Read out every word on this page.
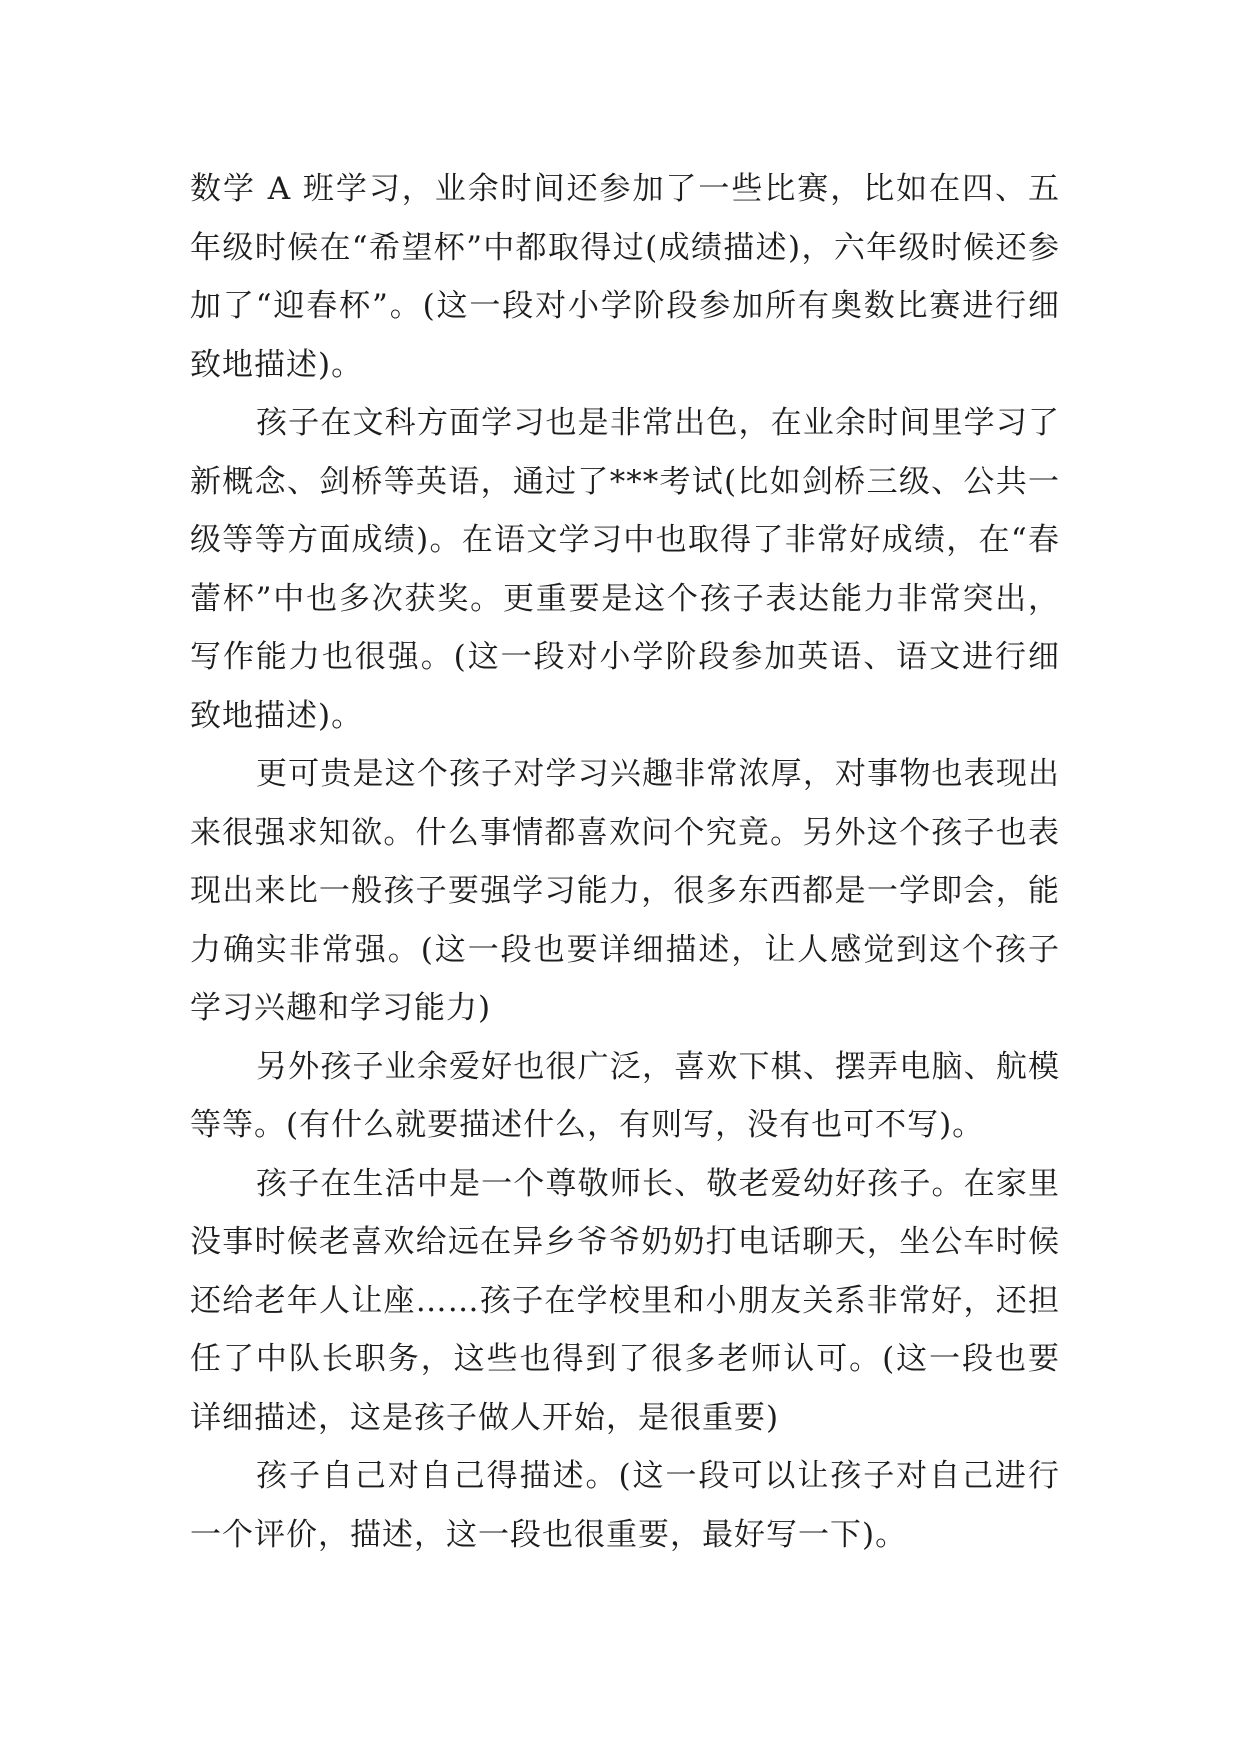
数学 A 班学习，业余时间还参加了一些比赛，比如在四、五年级时候在“希望杯”中都取得过(成绩描述)，六年级时候还参加了“迎春杯”。(这一段对小学阶段参加所有奥数比赛进行细致地描述)。

孩子在文科方面学习也是非常出色，在业余时间里学习了新概念、剑桥等英语，通过了***考试(比如剑桥三级、公共一级等等方面成绩)。在语文学习中也取得了非常好成绩，在“春蕾杯”中也多次获奖。更重要是这个孩子表达能力非常突出，写作能力也很强。(这一段对小学阶段参加英语、语文进行细致地描述)。

更可贵是这个孩子对学习兴趣非常浓厚，对事物也表现出来很强求知欲。什么事情都喜欢问个究竟。另外这个孩子也表现出来比一般孩子要强学习能力，很多东西都是一学即会，能力确实非常强。(这一段也要详细描述，让人感觉到这个孩子学习兴趣和学习能力)

另外孩子业余爱好也很广泛，喜欢下棋、摆弄电脑、航模等等。(有什么就要描述什么，有则写，没有也可不写)。

孩子在生活中是一个尊敬师长、敬老爱幼好孩子。在家里没事时候老喜欢给远在异乡爷爷奶奶打电话聊天，坐公车时候还给老年人让座……孩子在学校里和小朋友关系非常好，还担任了中队长职务，这些也得到了很多老师认可。(这一段也要详细描述，这是孩子做人开始，是很重要)

孩子自己对自己得描述。(这一段可以让孩子对自己进行一个评价，描述，这一段也很重要，最好写一下)。
